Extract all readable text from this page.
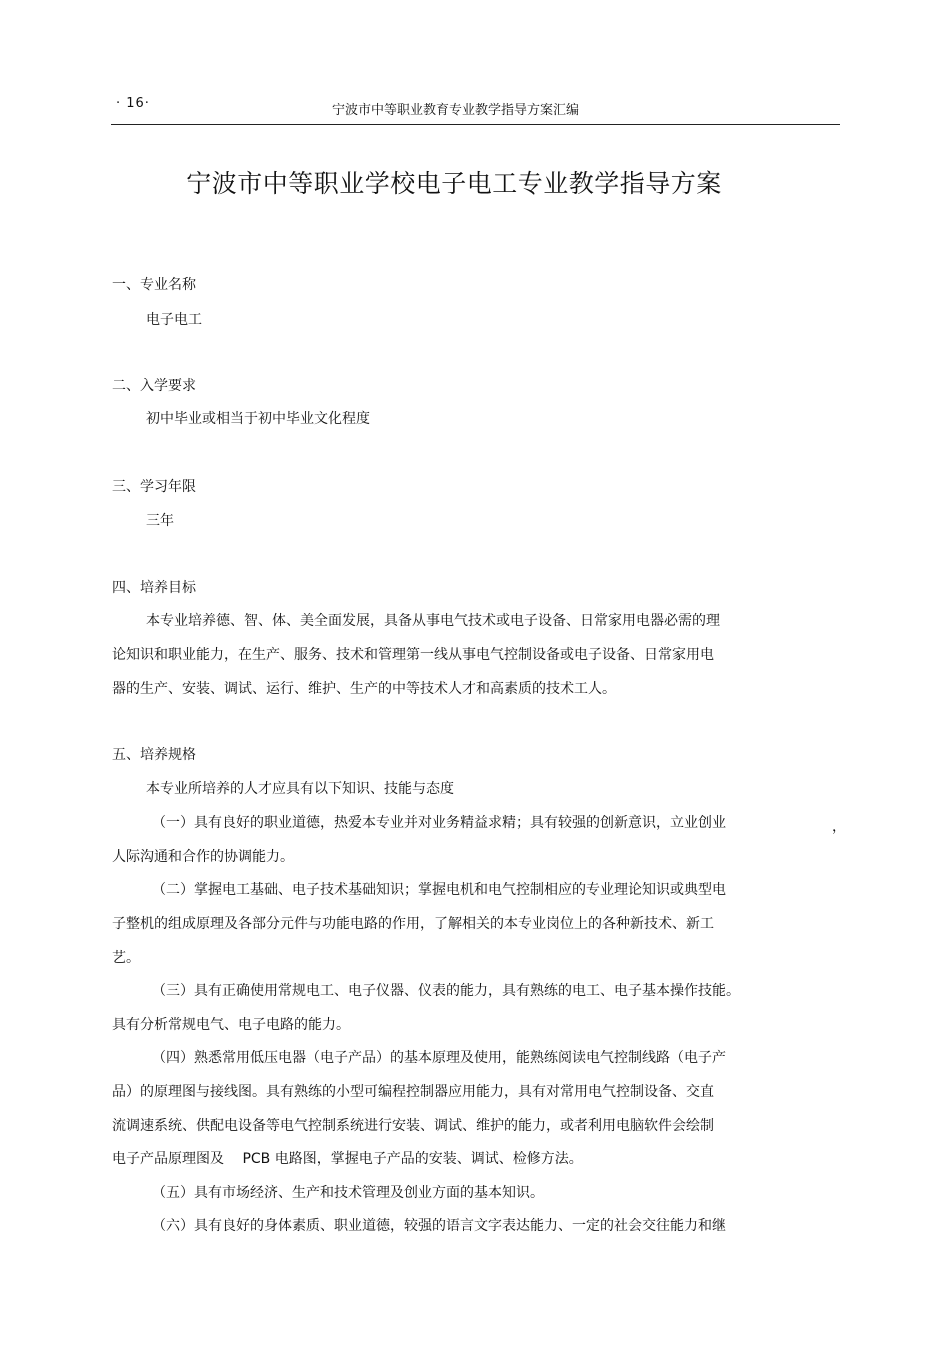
· 16·	宁波市中等职业教育专业教学指导方案汇编
宁波市中等职业学校电子电工专业教学指导方案
一、专业名称
电子电工
二、入学要求
初中毕业或相当于初中毕业文化程度
三、学习年限
三年
四、培养目标
本专业培养德、智、体、美全面发展，具备从事电气技术或电子设备、日常家用电器必需的理
论知识和职业能力，在生产、服务、技术和管理第一线从事电气控制设备或电子设备、日常家用电
器的生产、安装、调试、运行、维护、生产的中等技术人才和高素质的技术工人。
五、培养规格
本专业所培养的人才应具有以下知识、技能与态度
（一）具有良好的职业道德，热爱本专业并对业务精益求精；具有较强的创新意识，立业创业	，
人际沟通和合作的协调能力。
（二）掌握电工基础、电子技术基础知识；掌握电机和电气控制相应的专业理论知识或典型电
子整机的组成原理及各部分元件与功能电路的作用，了解相关的本专业岗位上的各种新技术、新工
艺。
（三）具有正确使用常规电工、电子仪器、仪表的能力，具有熟练的电工、电子基本操作技能。
具有分析常规电气、电子电路的能力。
（四）熟悉常用低压电器（电子产品）的基本原理及使用，能熟练阅读电气控制线路（电子产
品）的原理图与接线图。具有熟练的小型可编程控制器应用能力，具有对常用电气控制设备、交直
流调速系统、供配电设备等电气控制系统进行安装、调试、维护的能力，或者利用电脑软件会绘制
电子产品原理图及　 PCB 电路图，掌握电子产品的安装、调试、检修方法。
（五）具有市场经济、生产和技术管理及创业方面的基本知识。
（六）具有良好的身体素质、职业道德，较强的语言文字表达能力、一定的社会交往能力和继
